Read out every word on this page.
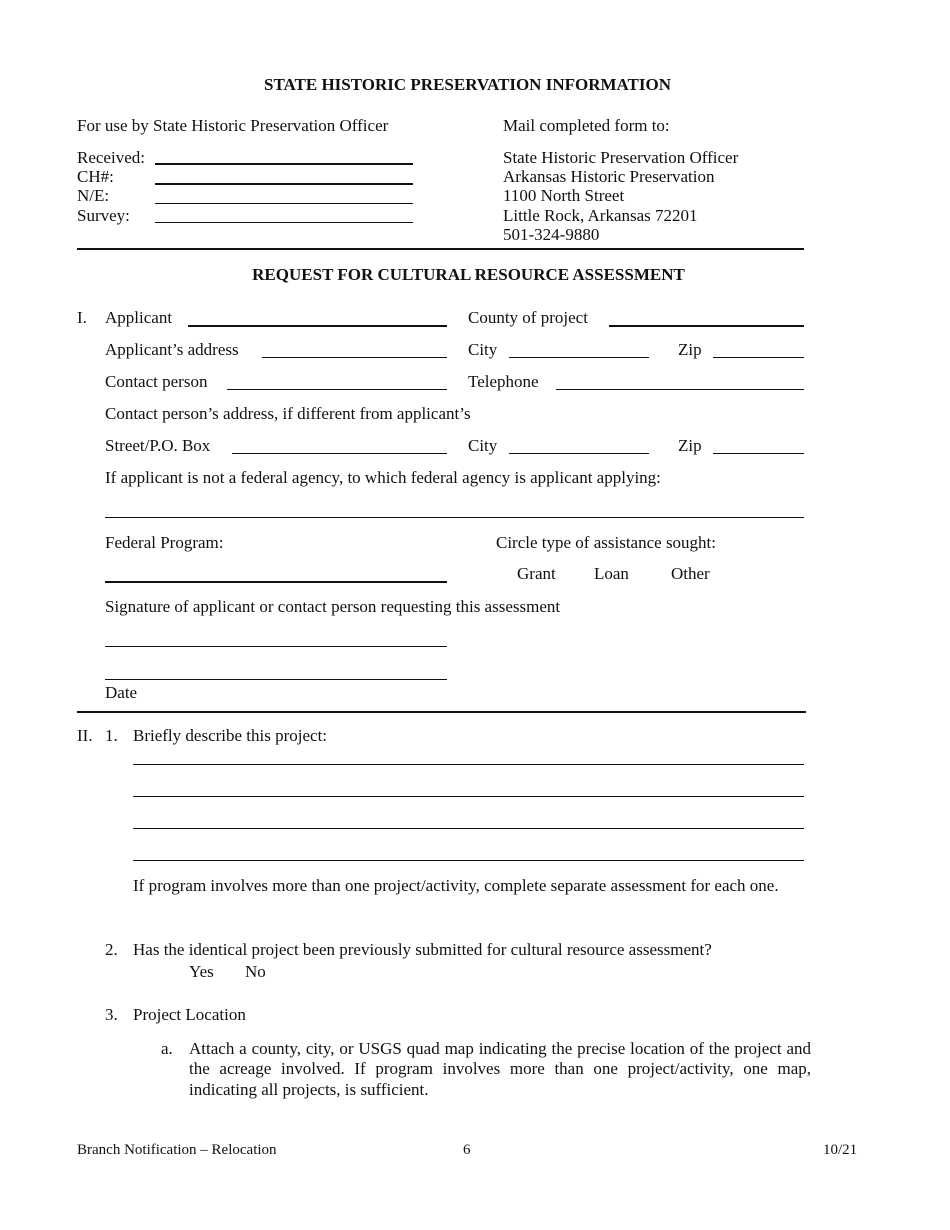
STATE HISTORIC PRESERVATION INFORMATION
For use by State Historic Preservation Officer	Mail completed form to:
Received:
CH#:
N/E:
Survey:
State Historic Preservation Officer
Arkansas Historic Preservation
1100 North Street
Little Rock, Arkansas 72201
501-324-9880
REQUEST FOR CULTURAL RESOURCE ASSESSMENT
I. Applicant	County of project
Applicant’s address	City	Zip
Contact person	Telephone
Contact person’s address, if different from applicant’s
Street/P.O. Box	City	Zip
If applicant is not a federal agency, to which federal agency is applicant applying:
Federal Program:	Circle type of assistance sought:
Grant Loan Other
Signature of applicant or contact person requesting this assessment
Date
II. 1. Briefly describe this project:
If program involves more than one project/activity, complete separate assessment for each one.
2. Has the identical project been previously submitted for cultural resource assessment?
Yes No
3. Project Location
a. Attach a county, city, or USGS quad map indicating the precise location of the project and the acreage involved. If program involves more than one project/activity, one map, indicating all projects, is sufficient.
Branch Notification – Relocation	6	10/21
